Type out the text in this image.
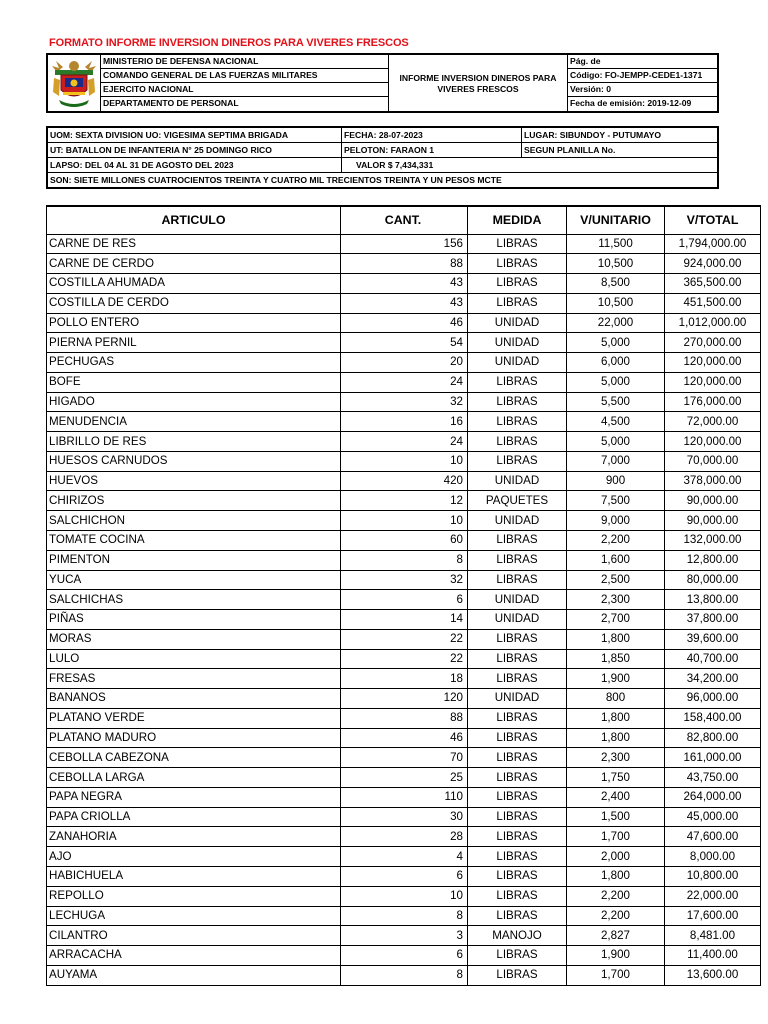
FORMATO INFORME INVERSION DINEROS PARA VIVERES FRESCOS
MINISTERIO DE DEFENSA NACIONAL
COMANDO GENERAL DE LAS FUERZAS MILITARES
EJERCITO NACIONAL
DEPARTAMENTO DE PERSONAL
INFORME INVERSION DINEROS PARA VIVERES FRESCOS
Pág. de
Código: FO-JEMPP-CEDE1-1371
Versión: 0
Fecha de emisión: 2019-12-09
UOM: SEXTA DIVISION UO: VIGESIMA SEPTIMA BRIGADA	FECHA: 28-07-2023	LUGAR: SIBUNDOY - PUTUMAYO
UT: BATALLON DE INFANTERIA N° 25 DOMINGO RICO	PELOTON: FARAON 1	SEGUN PLANILLA No.
LAPSO: DEL 04 AL 31 DE AGOSTO DEL 2023	VALOR $ 7,434,331
SON: SIETE MILLONES CUATROCIENTOS TREINTA Y CUATRO MIL TRECIENTOS TREINTA Y UN PESOS MCTE
ARTICULO	CANT.	MEDIDA	V/UNITARIO	V/TOTAL
CARNE DE RES	156	LIBRAS	11,500	1,794,000.00
CARNE DE CERDO	88	LIBRAS	10,500	924,000.00
COSTILLA AHUMADA	43	LIBRAS	8,500	365,500.00
COSTILLA DE CERDO	43	LIBRAS	10,500	451,500.00
POLLO ENTERO	46	UNIDAD	22,000	1,012,000.00
PIERNA PERNIL	54	UNIDAD	5,000	270,000.00
PECHUGAS	20	UNIDAD	6,000	120,000.00
BOFE	24	LIBRAS	5,000	120,000.00
HIGADO	32	LIBRAS	5,500	176,000.00
MENUDENCIA	16	LIBRAS	4,500	72,000.00
LIBRILLO DE RES	24	LIBRAS	5,000	120,000.00
HUESOS CARNUDOS	10	LIBRAS	7,000	70,000.00
HUEVOS	420	UNIDAD	900	378,000.00
CHIRIZOS	12	PAQUETES	7,500	90,000.00
SALCHICHON	10	UNIDAD	9,000	90,000.00
TOMATE COCINA	60	LIBRAS	2,200	132,000.00
PIMENTON	8	LIBRAS	1,600	12,800.00
YUCA	32	LIBRAS	2,500	80,000.00
SALCHICHAS	6	UNIDAD	2,300	13,800.00
PIÑAS	14	UNIDAD	2,700	37,800.00
MORAS	22	LIBRAS	1,800	39,600.00
LULO	22	LIBRAS	1,850	40,700.00
FRESAS	18	LIBRAS	1,900	34,200.00
BANANOS	120	UNIDAD	800	96,000.00
PLATANO VERDE	88	LIBRAS	1,800	158,400.00
PLATANO MADURO	46	LIBRAS	1,800	82,800.00
CEBOLLA CABEZONA	70	LIBRAS	2,300	161,000.00
CEBOLLA LARGA	25	LIBRAS	1,750	43,750.00
PAPA NEGRA	110	LIBRAS	2,400	264,000.00
PAPA CRIOLLA	30	LIBRAS	1,500	45,000.00
ZANAHORIA	28	LIBRAS	1,700	47,600.00
AJO	4	LIBRAS	2,000	8,000.00
HABICHUELA	6	LIBRAS	1,800	10,800.00
REPOLLO	10	LIBRAS	2,200	22,000.00
LECHUGA	8	LIBRAS	2,200	17,600.00
CILANTRO	3	MANOJO	2,827	8,481.00
ARRACACHA	6	LIBRAS	1,900	11,400.00
AUYAMA	8	LIBRAS	1,700	13,600.00
